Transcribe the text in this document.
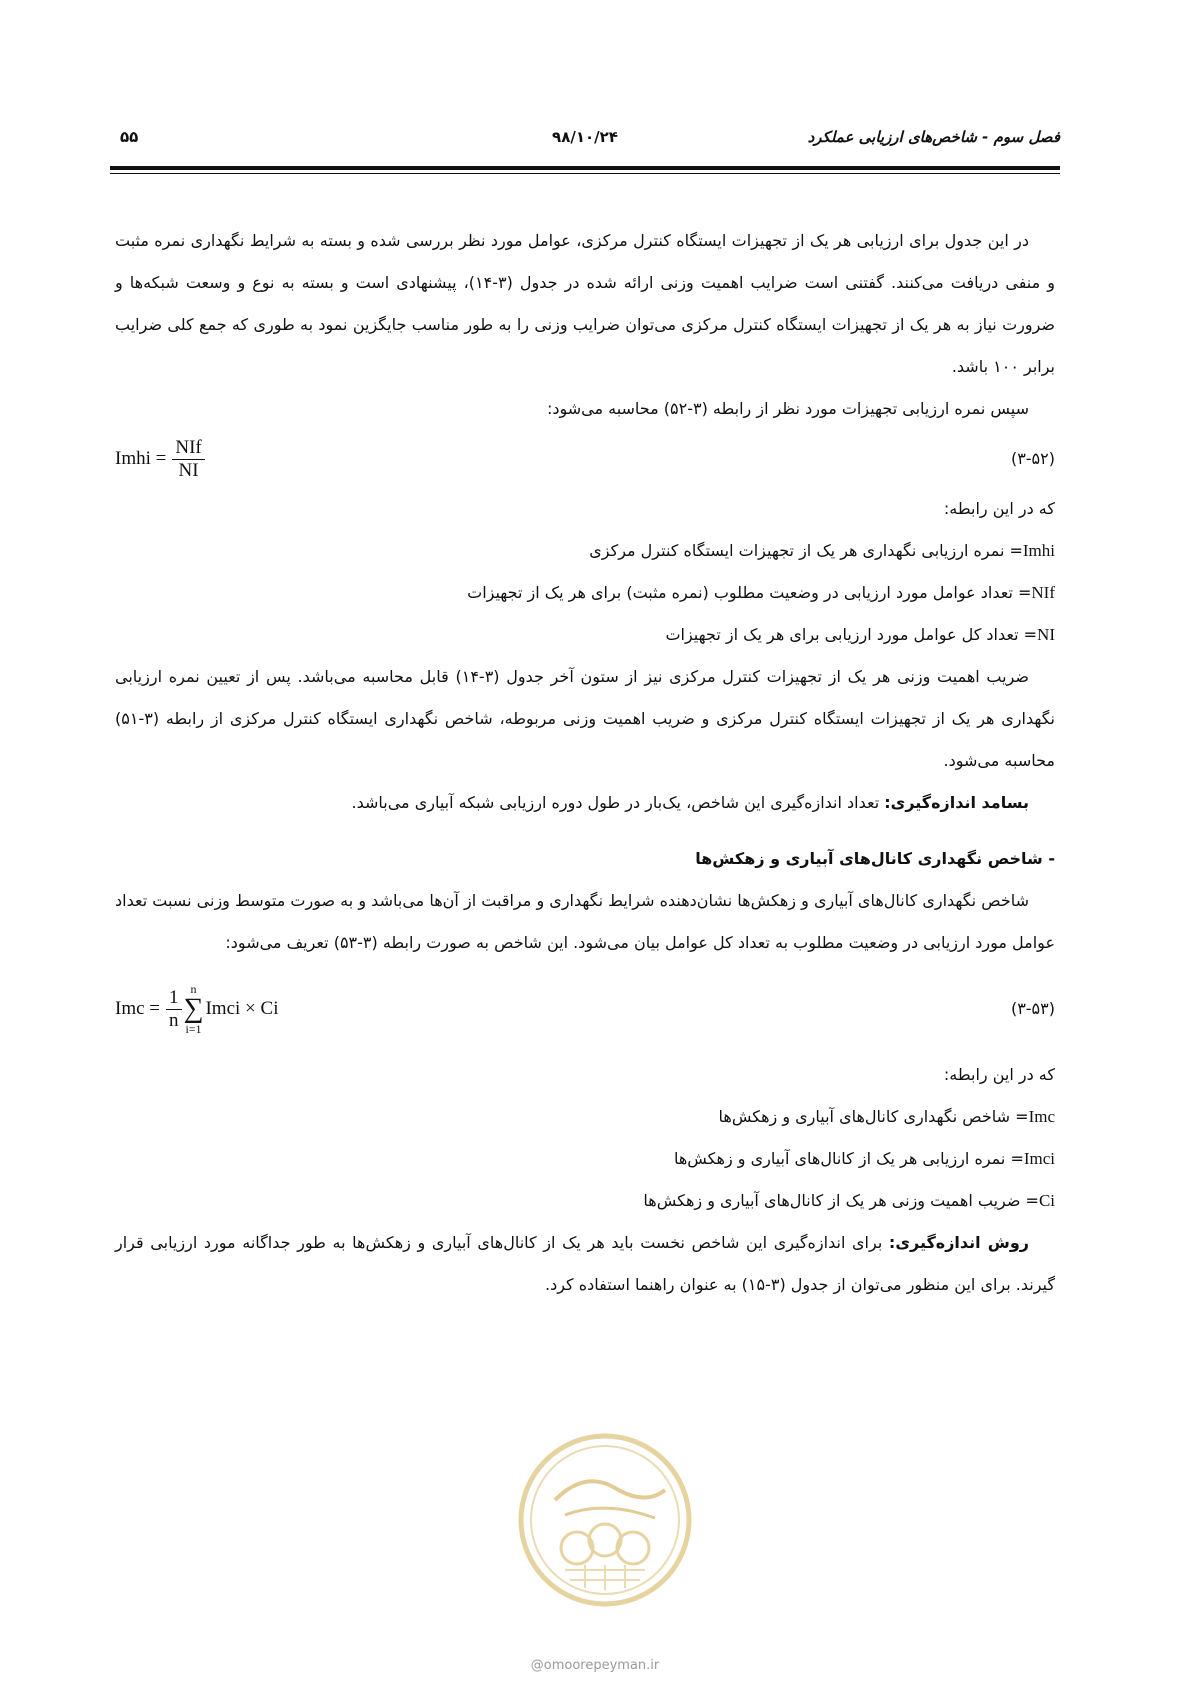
فصل سوم - شاخص‌های ارزیابی عملکرد
۹۸/۱۰/۲۴
۵۵

در این جدول برای ارزیابی هر یک از تجهیزات ایستگاه کنترل مرکزی، عوامل مورد نظر بررسی شده و بسته به شرایط نگهداری نمره مثبت و منفی دریافت می‌کنند. گفتنی است ضرایب اهمیت وزنی ارائه شده در جدول (۳-۱۴)، پیشنهادی است و بسته به نوع و وسعت شبکه‌ها و ضرورت نیاز به هر یک از تجهیزات ایستگاه کنترل مرکزی می‌توان ضرایب وزنی را به طور مناسب جایگزین نمود به طوری که جمع کلی ضرایب برابر ۱۰۰ باشد.

سپس نمره ارزیابی تجهیزات مورد نظر از رابطه (۳-۵۲) محاسبه می‌شود:

Imhi = $\frac{\text{NIf}}{NI}$	(۳-۵۲)

که در این رابطه:

Imhi= نمره ارزیابی نگهداری هر یک از تجهیزات ایستگاه کنترل مرکزی

NIf= تعداد عوامل مورد ارزیابی در وضعیت مطلوب (نمره مثبت) برای هر یک از تجهیزات

NI= تعداد کل عوامل مورد ارزیابی برای هر یک از تجهیزات

ضریب اهمیت وزنی هر یک از تجهیزات کنترل مرکزی نیز از ستون آخر جدول (۳-۱۴) قابل محاسبه می‌باشد. پس از تعیین نمره ارزیابی نگهداری هر یک از تجهیزات ایستگاه کنترل مرکزی و ضریب اهمیت وزنی مربوطه، شاخص نگهداری ایستگاه کنترل مرکزی از رابطه (۳-۵۱) محاسبه می‌شود.

بسامد اندازه‌گیری: تعداد اندازه‌گیری این شاخص، یک‌بار در طول دوره ارزیابی شبکه آبیاری می‌باشد.

- شاخص نگهداری کانال‌های آبیاری و زهکش‌ها

شاخص نگهداری کانال‌های آبیاری و زهکش‌ها نشان‌دهنده شرایط نگهداری و مراقبت از آن‌ها می‌باشد و به صورت متوسط وزنی نسبت تعداد عوامل مورد ارزیابی در وضعیت مطلوب به تعداد کل عوامل بیان می‌شود. این شاخص به صورت رابطه (۳-۵۳) تعریف می‌شود:

Imc = $\frac{1}{n}$ n
∑
i=1
Imci × Ci	(۳-۵۳)

که در این رابطه:

Imc= شاخص نگهداری کانال‌های آبیاری و زهکش‌ها

Imci= نمره ارزیابی هر یک از کانال‌های آبیاری و زهکش‌ها

Ci= ضریب اهمیت وزنی هر یک از کانال‌های آبیاری و زهکش‌ها

روش اندازه‌گیری: برای اندازه‌گیری این شاخص نخست باید هر یک از کانال‌های آبیاری و زهکش‌ها به طور جداگانه مورد ارزیابی قرار گیرند. برای این منظور می‌توان از جدول (۳-۱۵) به عنوان راهنما استفاده کرد.

@omoorepeyman.ir
